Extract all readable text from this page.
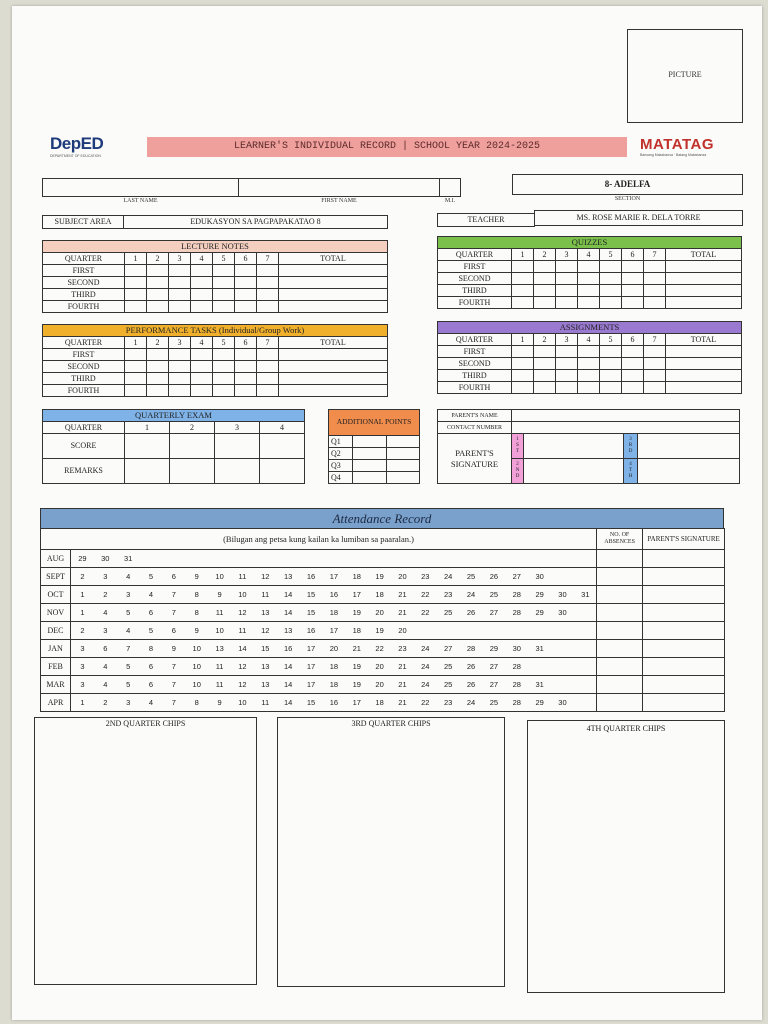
PICTURE
DepED
DEPARTMENT OF EDUCATION
LEARNER'S INDIVIDUAL RECORD | SCHOOL YEAR 2024-2025	MATATAG
Bansang Makabansa · Batang Makabansa
LAST NAME	FIRST NAME	M.I.
8- ADELFA
SECTION
SUBJECT AREA	EDUKASYON SA PAGPAPAKATAO 8	TEACHER	MS. ROSE MARIE R. DELA TORRE
LECTURE NOTES
QUARTER	1	2	3	4	5	6	7	TOTAL
FIRST								
SECOND								
THIRD								
FOURTH								
QUIZZES
QUARTER	1	2	3	4	5	6	7	TOTAL
FIRST								
SECOND								
THIRD								
FOURTH								
PERFORMANCE TASKS (Individual/Group Work)
QUARTER	1	2	3	4	5	6	7	TOTAL
FIRST								
SECOND								
THIRD								
FOURTH								
ASSIGNMENTS
QUARTER	1	2	3	4	5	6	7	TOTAL
FIRST								
SECOND								
THIRD								
FOURTH								
QUARTERLY EXAM
QUARTER	1	2	3	4
SCORE				
REMARKS				
ADDITIONAL POINTS
Q1		
Q2		
Q3		
Q4		
PARENT'S NAME				
CONTACT NUMBER				
PARENT'S SIGNATURE	1 S T		3 R D	

	2 N D		4 T H	

Attendance Record
(Bilugan ang petsa kung kailan ka lumiban sa paaralan.)		NO. OF ABSENCES	PARENT'S SIGNATURE
AUG	29 30 31		
SEPT	2 3 4 5 6 9 10 11 12 13 16 17 18 19 20 23 24 25 26 27 30		
OCT	1 2 3 4 7 8 9 10 11 14 15 16 17 18 21 22 23 24 25 28 29 30 31		
NOV	1 4 5 6 7 8 11 12 13 14 15 18 19 20 21 22 25 26 27 28 29 30		
DEC	2 3 4 5 6 9 10 11 12 13 16 17 18 19 20		
JAN	3 6 7 8 9 10 13 14 15 16 17 20 21 22 23 24 27 28 29 30 31		
FEB	3 4 5 6 7 10 11 12 13 14 17 18 19 20 21 24 25 26 27 28		
MAR	3 4 5 6 7 10 11 12 13 14 17 18 19 20 21 24 25 26 27 28 31		
APR	1 2 3 4 7 8 9 10 11 14 15 16 17 18 21 22 23 24 25 28 29 30		
2ND QUARTER CHIPS	3RD QUARTER CHIPS
4TH QUARTER CHIPS
